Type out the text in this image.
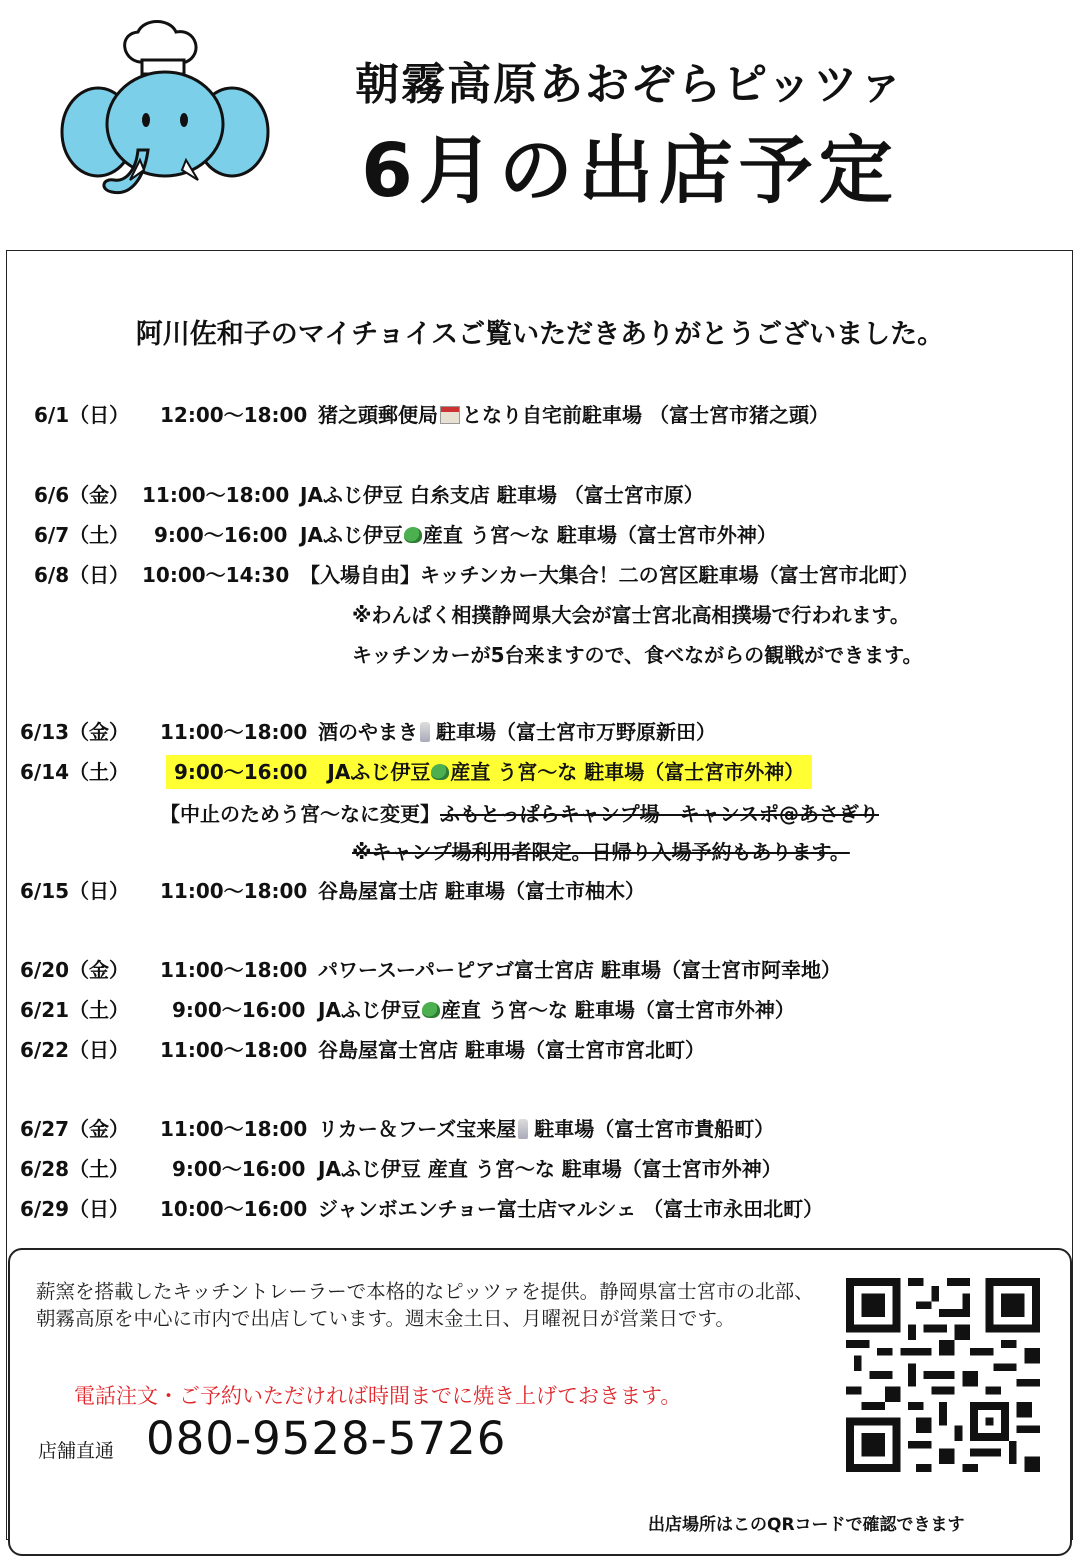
朝霧高原あおぞらピッツァ
6月の出店予定
阿川佐和子のマイチョイスご覧いただきありがとうございました。
6/1（日） 12:00〜18:00 猪之頭郵便局 となり自宅前駐車場 （富士宮市猪之頭）
6/6（金） 11:00〜18:00 JAふじ伊豆 白糸支店 駐車場 （富士宮市原）
6/7（土） 9:00〜16:00 JAふじ伊豆 産直 う宮〜な 駐車場（富士宮市外神）
6/8（日） 10:00〜14:30 【入場自由】キッチンカー大集合！二の宮区駐車場（富士宮市北町）
※わんぱく相撲静岡県大会が富士宮北高相撲場で行われます。
キッチンカーが5台来ますので、食べながらの観戦ができます。
6/13（金） 11:00〜18:00 酒のやまき 駐車場（富士宮市万野原新田）
6/14（土）	9:00〜16:00　JAふじ伊豆 産直 う宮〜な 駐車場（富士宮市外神）
【中止のためう宮〜なに変更】ふもとっぱらキャンプ場　キャンスポ@あさぎり
※キャンプ場利用者限定。日帰り入場予約もあります。
6/15（日） 11:00〜18:00 谷島屋富士店 駐車場（富士市柚木）
6/20（金） 11:00〜18:00 パワースーパーピアゴ富士宮店 駐車場（富士宮市阿幸地）
6/21（土） 9:00〜16:00 JAふじ伊豆 産直 う宮〜な 駐車場（富士宮市外神）
6/22（日） 11:00〜18:00 谷島屋富士宮店 駐車場（富士宮市宮北町）
6/27（金） 11:00〜18:00 リカー＆フーズ宝来屋 駐車場（富士宮市貴船町）
6/28（土） 9:00〜16:00 JAふじ伊豆 産直 う宮〜な 駐車場（富士宮市外神）
6/29（日） 10:00〜16:00 ジャンボエンチョー富士店マルシェ （富士市永田北町）
薪窯を搭載したキッチントレーラーで本格的なピッツァを提供。静岡県富士宮市の北部、朝霧高原を中心に市内で出店しています。週末金土日、月曜祝日が営業日です。
電話注文・ご予約いただければ時間までに焼き上げておきます。
店舗直通 080-9528-5726
出店場所はこのQRコードで確認できます
